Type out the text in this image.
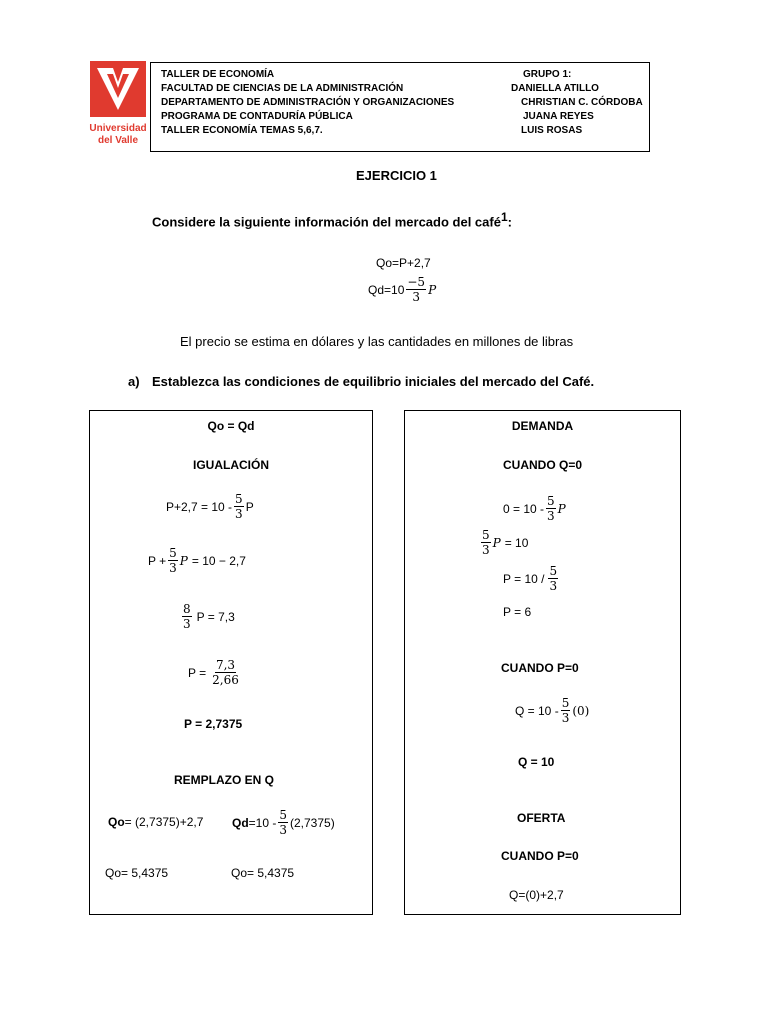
Universidad
del Valle
TALLER DE ECONOMÍA
FACULTAD DE CIENCIAS DE LA ADMINISTRACIÓN
DEPARTAMENTO DE ADMINISTRACIÓN Y ORGANIZACIONES
PROGRAMA DE CONTADURÍA PÚBLICA
TALLER ECONOMÍA TEMAS 5,6,7.
GRUPO 1:
DANIELLA ATILLO
CHRISTIAN C. CÓRDOBA
JUANA REYES
LUIS ROSAS
EJERCICIO 1
Considere la siguiente información del mercado del café$^1$:
Qo=P+2,7
$Qd=10 \frac{-5}{3}$ P
El precio se estima en dólares y las cantidades en millones de libras
a) Establezca las condiciones de equilibrio iniciales del mercado del Café.
Qo = Qd
IGUALACIÓN
$P+2,7 = 10 - \frac{5}{3}$ P
$P + \frac{5}{3}$ P = 10 − 2,7
$\frac{8}{3}$ P = 7,3
$P = \frac{7,3}{2,66}$
P = 2,7375
REMPLAZO EN Q
Qo = (2,7375)+2,7 $Qd =10 - \frac{5}{3} (2,7375)$
Qo= 5,4375	Qo= 5,4375
DEMANDA
CUANDO Q=0
$0 = 10 - \frac{5}{3}$ P
$\frac{5}{3}$ P = 10
$P = 10 / \frac{5}{3}$
P = 6
CUANDO P=0
$Q = 10 - \frac{5}{3} (0)$
Q = 10
OFERTA
CUANDO P=0
Q=(0)+2,7
